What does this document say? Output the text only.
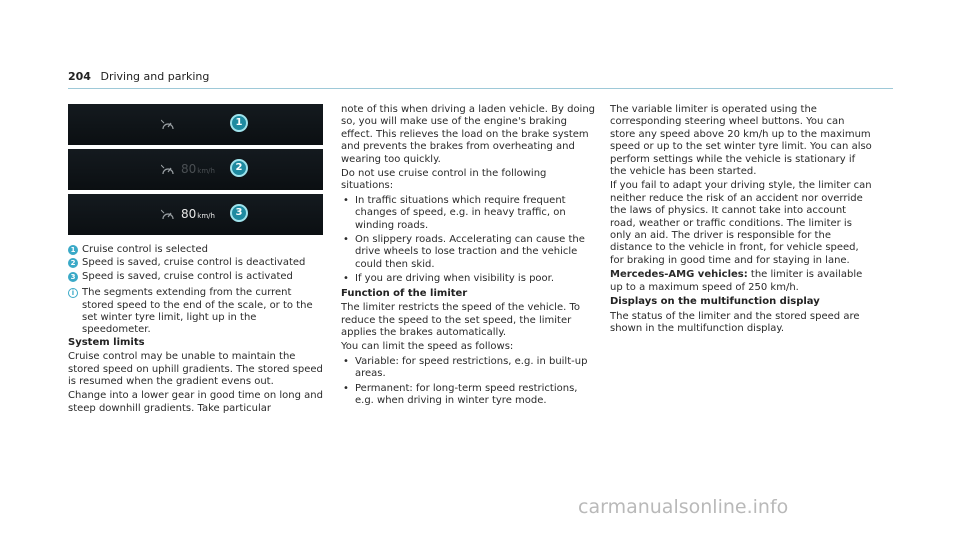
204 Driving and parking
1
80km/h	2
80km/h	3
1 Cruise control is selected
2 Speed is saved, cruise control is deactivated
3 Speed is saved, cruise control is activated
i The segments extending from the current stored speed to the end of the scale, or to the set winter tyre limit, light up in the speedometer.

System limits

Cruise control may be unable to maintain the stored speed on uphill gradients. The stored speed is resumed when the gradient evens out.

Change into a lower gear in good time on long and steep downhill gradients. Take particular

note of this when driving a laden vehicle. By doing so, you will make use of the engine's braking effect. This relieves the load on the brake system and prevents the brakes from overheating and wearing too quickly.

Do not use cruise control in the following situations:

• In traffic situations which require frequent changes of speed, e.g. in heavy traffic, on winding roads.
• On slippery roads. Accelerating can cause the drive wheels to lose traction and the vehicle could then skid.
• If you are driving when visibility is poor.

Function of the limiter

The limiter restricts the speed of the vehicle. To reduce the speed to the set speed, the limiter applies the brakes automatically.

You can limit the speed as follows:

• Variable: for speed restrictions, e.g. in built-up areas.
• Permanent: for long-term speed restrictions, e.g. when driving in winter tyre mode.

The variable limiter is operated using the corresponding steering wheel buttons. You can store any speed above 20 km/h up to the maximum speed or up to the set winter tyre limit. You can also perform settings while the vehicle is stationary if the vehicle has been started.

If you fail to adapt your driving style, the limiter can neither reduce the risk of an accident nor override the laws of physics. It cannot take into account road, weather or traffic conditions. The limiter is only an aid. The driver is responsible for the distance to the vehicle in front, for vehicle speed, for braking in good time and for staying in lane.

Mercedes-AMG vehicles: the limiter is available up to a maximum speed of 250 km/h.

Displays on the multifunction display

The status of the limiter and the stored speed are shown in the multifunction display.

carmanualsonline.info
